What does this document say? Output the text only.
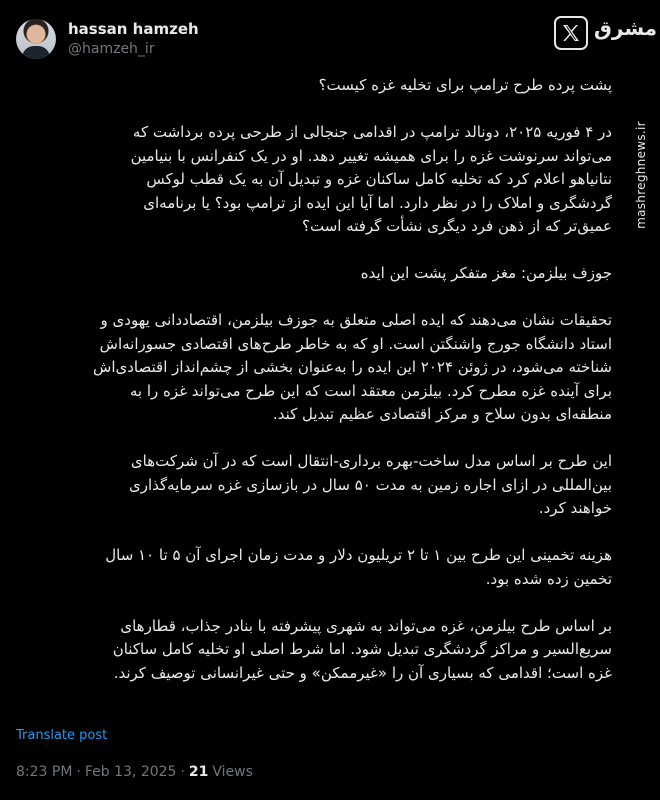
hassan hamzeh
@hamzeh_ir
مشرق
mashreghnews.ir

پشت پرده طرح ترامپ برای تخلیه غزه کیست؟

در ۴ فوریه ۲۰۲۵، دونالد ترامپ در اقدامی جنجالی از طرحی پرده برداشت که می‌تواند سرنوشت غزه را برای همیشه تغییر دهد. او در یک کنفرانس با بنیامین نتانیاهو اعلام کرد که تخلیه کامل ساکنان غزه و تبدیل آن به یک قطب لوکس گردشگری و املاک را در نظر دارد. اما آیا این ایده از ترامپ بود؟ یا برنامه‌ای عمیق‌تر که از ذهن فرد دیگری نشأت گرفته است؟

جوزف بیلزمن: مغز متفکر پشت این ایده

تحقیقات نشان می‌دهند که ایده اصلی متعلق به جوزف بیلزمن، اقتصاددانی یهودی و استاد دانشگاه جورج واشنگتن است. او که به خاطر طرح‌های اقتصادی جسورانه‌اش شناخته می‌شود، در ژوئن ۲۰۲۴ این ایده را به‌عنوان بخشی از چشم‌انداز اقتصادی‌اش برای آینده غزه مطرح کرد. بیلزمن معتقد است که این طرح می‌تواند غزه را به منطقه‌ای بدون سلاح و مرکز اقتصادی عظیم تبدیل کند.

این طرح بر اساس مدل ساخت-بهره برداری-انتقال است که در آن شرکت‌های بین‌المللی در ازای اجاره زمین به مدت ۵۰ سال در بازسازی غزه سرمایه‌گذاری خواهند کرد.

هزینه تخمینی این طرح بین ۱ تا ۲ تریلیون دلار و مدت زمان اجرای آن ۵ تا ۱۰ سال تخمین زده شده بود.

بر اساس طرح بیلزمن، غزه می‌تواند به شهری پیشرفته با بنادر جذاب، قطارهای سریع‌السیر و مراکز گردشگری تبدیل شود. اما شرط اصلی او تخلیه کامل ساکنان غزه است؛ اقدامی که بسیاری آن را «غیرممکن» و حتی غیرانسانی توصیف کرند.

Translate post
8:23 PM · Feb 13, 2025 · 21 Views
